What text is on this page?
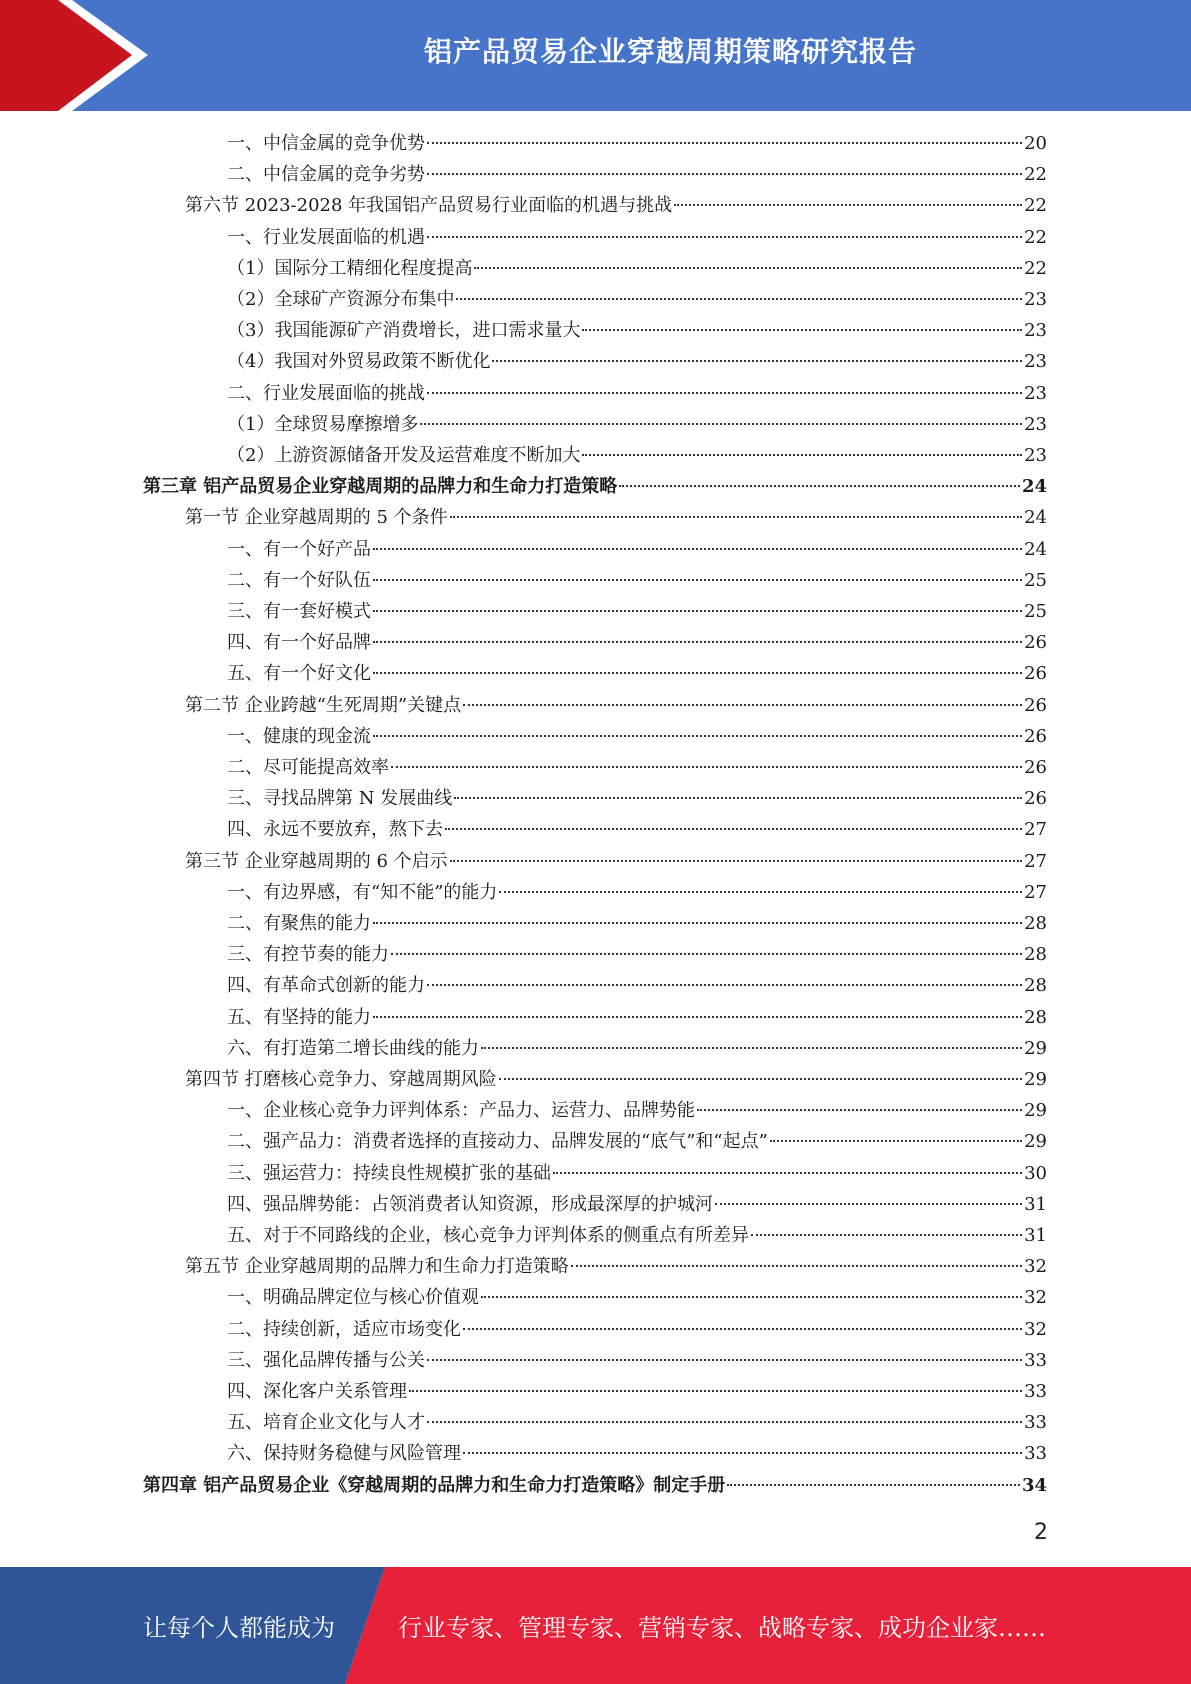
铝产品贸易企业穿越周期策略研究报告
一、中信金属的竞争优势	20
二、中信金属的竞争劣势	22
第六节 2023-2028 年我国铝产品贸易行业面临的机遇与挑战	22
一、行业发展面临的机遇	22
（1）国际分工精细化程度提高	22
（2）全球矿产资源分布集中	23
（3）我国能源矿产消费增长，进口需求量大	23
（4）我国对外贸易政策不断优化	23
二、行业发展面临的挑战	23
（1）全球贸易摩擦增多	23
（2）上游资源储备开发及运营难度不断加大	23
第三章 铝产品贸易企业穿越周期的品牌力和生命力打造策略	24
第一节 企业穿越周期的 5 个条件	24
一、有一个好产品	24
二、有一个好队伍	25
三、有一套好模式	25
四、有一个好品牌	26
五、有一个好文化	26
第二节 企业跨越“生死周期”关键点	26
一、健康的现金流	26
二、尽可能提高效率	26
三、寻找品牌第 N 发展曲线	26
四、永远不要放弃，熬下去	27
第三节 企业穿越周期的 6 个启示	27
一、有边界感，有“知不能”的能力	27
二、有聚焦的能力	28
三、有控节奏的能力	28
四、有革命式创新的能力	28
五、有坚持的能力	28
六、有打造第二增长曲线的能力	29
第四节 打磨核心竞争力、穿越周期风险	29
一、企业核心竞争力评判体系：产品力、运营力、品牌势能	29
二、强产品力：消费者选择的直接动力、品牌发展的“底气”和“起点”	29
三、强运营力：持续良性规模扩张的基础	30
四、强品牌势能：占领消费者认知资源，形成最深厚的护城河	31
五、对于不同路线的企业，核心竞争力评判体系的侧重点有所差异	31
第五节 企业穿越周期的品牌力和生命力打造策略	32
一、明确品牌定位与核心价值观	32
二、持续创新，适应市场变化	32
三、强化品牌传播与公关	33
四、深化客户关系管理	33
五、培育企业文化与人才	33
六、保持财务稳健与风险管理	33
第四章 铝产品贸易企业《穿越周期的品牌力和生命力打造策略》制定手册	34
2
让每个人都能成为	行业专家、管理专家、营销专家、战略专家、成功企业家……
